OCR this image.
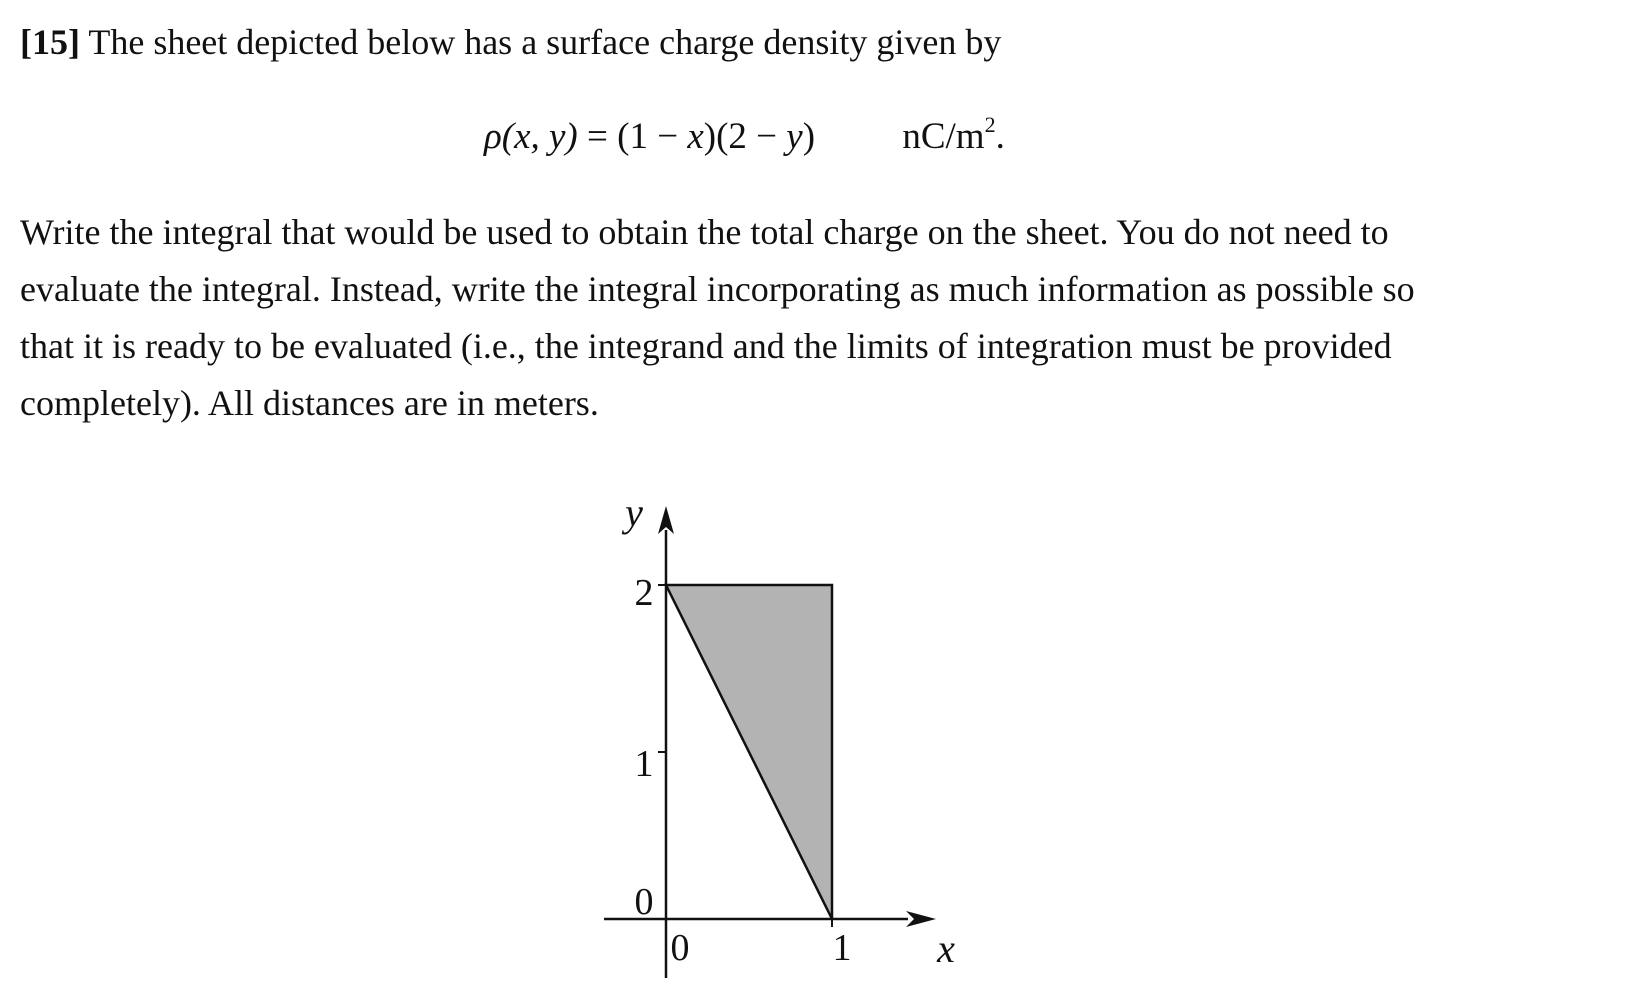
[15] The sheet depicted below has a surface charge density given by
ρ(x, y) = (1 − x)(2 − y) $nC/m^2$.
Write the integral that would be used to obtain the total charge on the sheet. You do not need to
evaluate the integral. Instead, write the integral incorporating as much information as possible so
that it is ready to be evaluated (i.e., the integrand and the limits of integration must be provided
completely). All distances are in meters.
2
1
0
0	1
y
x
